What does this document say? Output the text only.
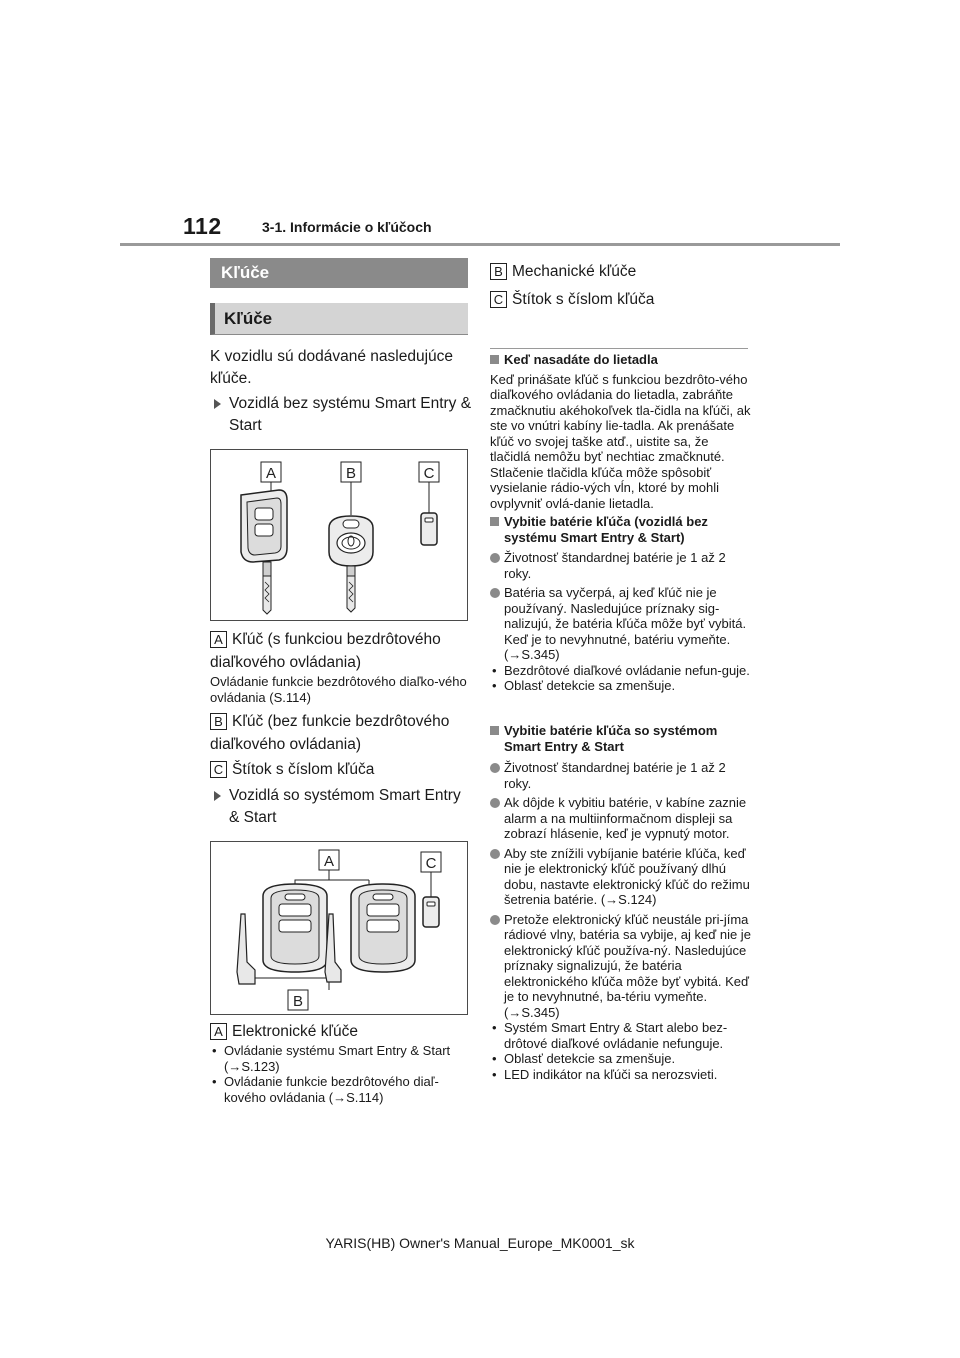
112	3-1. Informácie o kľúčoch
Kľúče
Kľúče
K vozidlu sú dodávané nasledujúce kľúče.
Vozidlá bez systému Smart Entry & Start
A	B	C
A Kľúč (s funkciou bezdrôtového diaľkového ovládania)
Ovládanie funkcie bezdrôtového diaľko-vého ovládania (S.114)
B Kľúč (bez funkcie bezdrôtového diaľkového ovládania)
C Štítok s číslom kľúča
Vozidlá so systémom Smart Entry & Start
A	C
B
A Elektronické kľúče
• Ovládanie systému Smart Entry & Start (→S.123)
• Ovládanie funkcie bezdrôtového diaľ-kového ovládania (→S.114)
B Mechanické kľúče
C Štítok s číslom kľúča
Keď nasadáte do lietadla
Keď prinášate kľúč s funkciou bezdrôto-vého diaľkového ovládania do lietadla, zabráňte zmačknutiu akéhokoľvek tla-čidla na kľúči, ak ste vo vnútri kabíny lie-tadla. Ak prenášate kľúč vo svojej taške atď., uistite sa, že tlačidlá nemôžu byť nechtiac zmačknuté. Stlačenie tlačidla kľúča môže spôsobiť vysielanie rádio-vých vĺn, ktoré by mohli ovplyvniť ovlá-danie lietadla.
Vybitie batérie kľúča (vozidlá bez systému Smart Entry & Start)
Životnosť štandardnej batérie je 1 až 2 roky.
Batéria sa vyčerpá, aj keď kľúč nie je používaný. Nasledujúce príznaky sig-nalizujú, že batéria kľúča môže byť vybitá. Keď je to nevyhnutné, batériu vymeňte. (→S.345)
• Bezdrôtové diaľkové ovládanie nefun-guje.
• Oblasť detekcie sa zmenšuje.
Vybitie batérie kľúča so systémom Smart Entry & Start
Životnosť štandardnej batérie je 1 až 2 roky.
Ak dôjde k vybitiu batérie, v kabíne zaznie alarm a na multiinformačnom displeji sa zobrazí hlásenie, keď je vypnutý motor.
Aby ste znížili vybíjanie batérie kľúča, keď nie je elektronický kľúč používaný dlhú dobu, nastavte elektronický kľúč do režimu šetrenia batérie. (→S.124)
Pretože elektronický kľúč neustále pri-jíma rádiové vlny, batéria sa vybije, aj keď nie je elektronický kľúč používa-ný. Nasledujúce príznaky signalizujú, že batéria elektronického kľúča môže byť vybitá. Keď je to nevyhnutné, ba-tériu vymeňte. (→S.345)
• Systém Smart Entry & Start alebo bez-drôtové diaľkové ovládanie nefunguje.
• Oblasť detekcie sa zmenšuje.
• LED indikátor na kľúči sa nerozsvieti.
YARIS(HB) Owner's Manual_Europe_MK0001_sk
